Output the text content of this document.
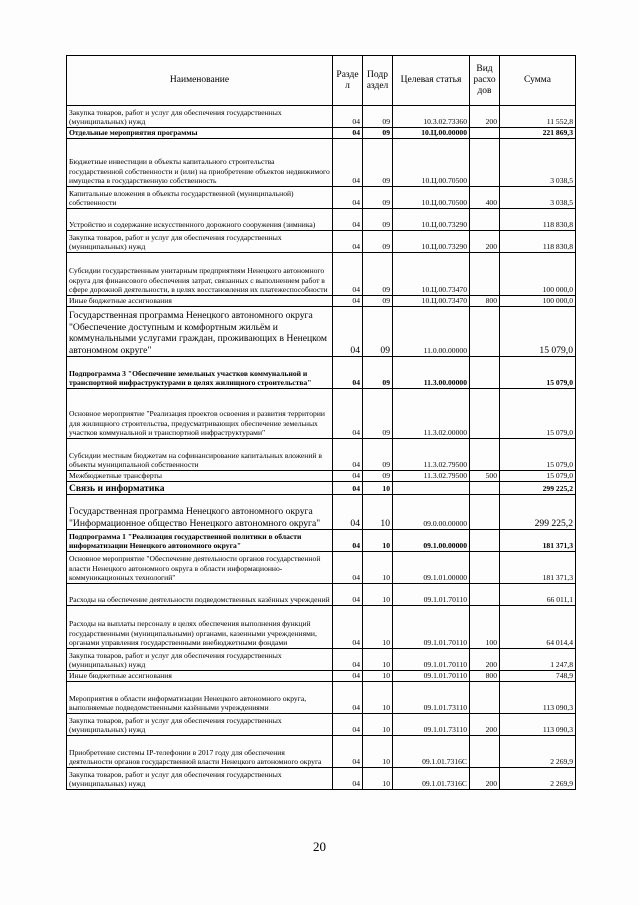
Наименование	Разде л	Подр аздел	Целевая статья	Вид расхо дов	Сумма
Закупка товаров, работ и услуг для обеспечения государственных (муниципальных) нужд	04	09	10.3.02.73360	200	11 552,8
Отдельные мероприятия программы	04	09	10.Ц.00.00000		221 869,3
Бюджетные инвестиции в объекты капитального строительства государственной собственности и (или) на приобретение объектов недвижимого имущества в государственную собственность	04	09	10.Ц.00.70500		3 038,5
Капитальные вложения в объекты государственной (муниципальной) собственности	04	09	10.Ц.00.70500	400	3 038,5
Устройство и содержание искусственного дорожного сооружения (зимника)	04	09	10.Ц.00.73290		118 830,8
Закупка товаров, работ и услуг для обеспечения государственных (муниципальных) нужд	04	09	10.Ц.00.73290	200	118 830,8
Субсидии государственным унитарным предприятиям Ненецкого автономного округа для финансового обеспечения затрат, связанных с выполнением работ в сфере дорожной деятельности, в целях восстановления их платежеспособности	04	09	10.Ц.00.73470		100 000,0
Иные бюджетные ассигнования	04	09	10.Ц.00.73470	800	100 000,0
Государственная программа Ненецкого автономного округа "Обеспечение доступным и комфортным жильём и коммунальными услугами граждан, проживающих в Ненецком автономном округе"	04	09	11.0.00.00000		15 079,0
Подпрограмма 3 "Обеспечение земельных участков коммунальной и транспортной инфраструктурами в целях жилищного строительства"	04	09	11.3.00.00000		15 079,0
Основное мероприятие "Реализация проектов освоения и развития территории для жилищного строительства, предусматривающих обеспечение земельных участков коммунальной и транспортной инфраструктурами"	04	09	11.3.02.00000		15 079,0
Субсидии местным бюджетам на софинансирование капитальных вложений в объекты муниципальной собственности	04	09	11.3.02.79500		15 079,0
Межбюджетные трансферты	04	09	11.3.02.79500	500	15 079,0
Связь и информатика	04	10			299 225,2
Государственная программа Ненецкого автономного округа "Информационное общество Ненецкого автономного округа"	04	10	09.0.00.00000		299 225,2
Подпрограмма 1 "Реализация государственной политики в области информатизации Ненецкого автономного округа"	04	10	09.1.00.00000		181 371,3
Основное мероприятие "Обеспечение деятельности органов государственной власти Ненецкого автономного округа в области информационно-коммуникационных технологий"	04	10	09.1.01.00000		181 371,3
Расходы на обеспечение деятельности подведомственных казённых учреждений	04	10	09.1.01.70110		66 011,1
Расходы на выплаты персоналу в целях обеспечения выполнения функций государственными (муниципальными) органами, казенными учреждениями, органами управления государственными внебюджетными фондами	04	10	09.1.01.70110	100	64 014,4
Закупка товаров, работ и услуг для обеспечения государственных (муниципальных) нужд	04	10	09.1.01.70110	200	1 247,8
Иные бюджетные ассигнования	04	10	09.1.01.70110	800	748,9
Мероприятия в области информатизации Ненецкого автономного округа, выполняемые подведомственными казёнными учреждениями	04	10	09.1.01.73110		113 090,3
Закупка товаров, работ и услуг для обеспечения государственных (муниципальных) нужд	04	10	09.1.01.73110	200	113 090,3
Приобретение системы IP-телефонии в 2017 году для обеспечения деятельности органов государственной власти Ненецкого автономного округа	04	10	09.1.01.7316С		2 269,9
Закупка товаров, работ и услуг для обеспечения государственных (муниципальных) нужд	04	10	09.1.01.7316С	200	2 269,9
20
